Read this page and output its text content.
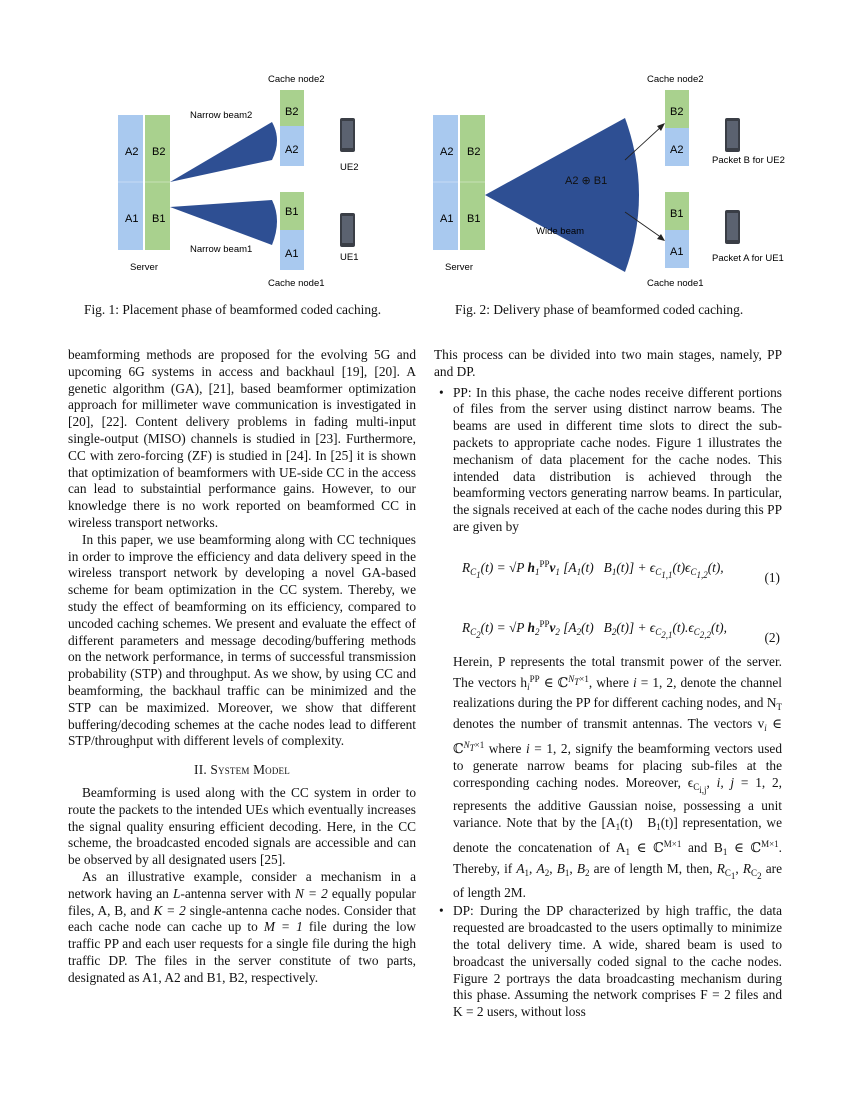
A2 B2
A1 B1
Server
Narrow beam2
Narrow beam1
Cache node2
B2
A2
B1
A1
Cache node1
UE2
UE1
Fig. 1: Placement phase of beamformed coded caching.
A2 B2
A1 B1
Server
A2 ⊕ B1
Wide beam
Cache node2
B2
A2
B1
A1
Cache node1
Packet B for UE2
Packet A for UE1
Fig. 2: Delivery phase of beamformed coded caching.

beamforming methods are proposed for the evolving 5G and upcoming 6G systems in access and backhaul [19], [20]. A genetic algorithm (GA), [21], based beamformer optimization approach for millimeter wave communication is investigated in [20], [22]. Content delivery problems in fading multi-input single-output (MISO) channels is studied in [23]. Furthermore, CC with zero-forcing (ZF) is studied in [24]. In [25] it is shown that optimization of beamformers with UE-side CC in the access can lead to substaintial performance gains. However, to our knowledge there is no work reported on beamformed CC in wireless transport networks.

In this paper, we use beamforming along with CC techniques in order to improve the efficiency and data delivery speed in the wireless transport network by developing a novel GA-based scheme for beam optimization in the CC system. Thereby, we study the effect of beamforming on its efficiency, compared to uncoded caching schemes. We present and evaluate the effect of different parameters and message decoding/buffering methods on the network performance, in terms of successful transmission probability (STP) and throughput. As we show, by using CC and beamforming, the backhaul traffic can be minimized and the STP can be maximized. Moreover, we show that different buffering/decoding schemes at the cache nodes lead to different STP/throughput with different levels of complexity.

II. System Model

Beamforming is used along with the CC system in order to route the packets to the intended UEs which eventually increases the signal quality ensuring efficient decoding. Here, in the CC scheme, the broadcasted encoded signals are accessible and can be observed by all designated users [25].

As an illustrative example, consider a mechanism in a network having an L-antenna server with N = 2 equally popular files, A, B, and K = 2 single-antenna cache nodes. Consider that each cache node can cache up to M = 1 file during the low traffic PP and each user requests for a single file during the high traffic DP. The files in the server constitute of two parts, designated as A1, A2 and B1, B2, respectively.

This process can be divided into two main stages, namely, PP and DP.

• PP: In this phase, the cache nodes receive different portions of files from the server using distinct narrow beams. The beams are used in different time slots to direct the sub-packets to appropriate cache nodes. Figure 1 illustrates the mechanism of data placement for the cache nodes. This intended data distribution is achieved through the beamforming vectors generating narrow beams. In particular, the signals received at each of the cache nodes during this PP are given by

$R_{C_1}(t) = √P$ $h_1^{PP}v_1$ $[A_1(t) B_1(t)] + \epsilon_{C_{1,1}}(t)\epsilon_{C_{1,2}}(t)$,
(1)
$R_{C_2}(t) = √P$ $h_2^{PP}v_2$ $[A_2(t) B_2(t)] + \epsilon_{C_{2,1}}(t).\epsilon_{C_{2,2}}(t)$,
(2)

Herein, P represents the total transmit power of the server. The vectors $h_i^{PP}$ ∈ ℂ$^{N_T\times 1}$, where i = 1, 2, denote the channel realizations during the PP for different caching nodes, and $N_T$ denotes the number of transmit antennas. The vectors $v_i$ ∈ ℂ$^{N_T\times 1}$ where i = 1, 2, signify the beamforming vectors used to generate narrow beams for placing sub-files at the corresponding caching nodes. Moreover, $\epsilon_{C_{i,j}}$, i, j = 1, 2, represents the additive Gaussian noise, possessing a unit variance. Note that by the [$A_1(t)$   $B_1(t)$] representation, we denote the concatenation of $A_1$ ∈ ℂ$^{M\times 1}$ and $B_1$ ∈ ℂ$^{M\times 1}$. Thereby, if $A_1$, $A_2$, $B_1$, $B_2$ are of length M, then, $R_{C_1}$, $R_{C_2}$ are of length 2M.

• DP: During the DP characterized by high traffic, the data requested are broadcasted to the users optimally to minimize the total delivery time. A wide, shared beam is used to broadcast the universally coded signal to the cache nodes. Figure 2 portrays the data broadcasting mechanism during this phase. Assuming the network comprises F = 2 files and K = 2 users, without loss
